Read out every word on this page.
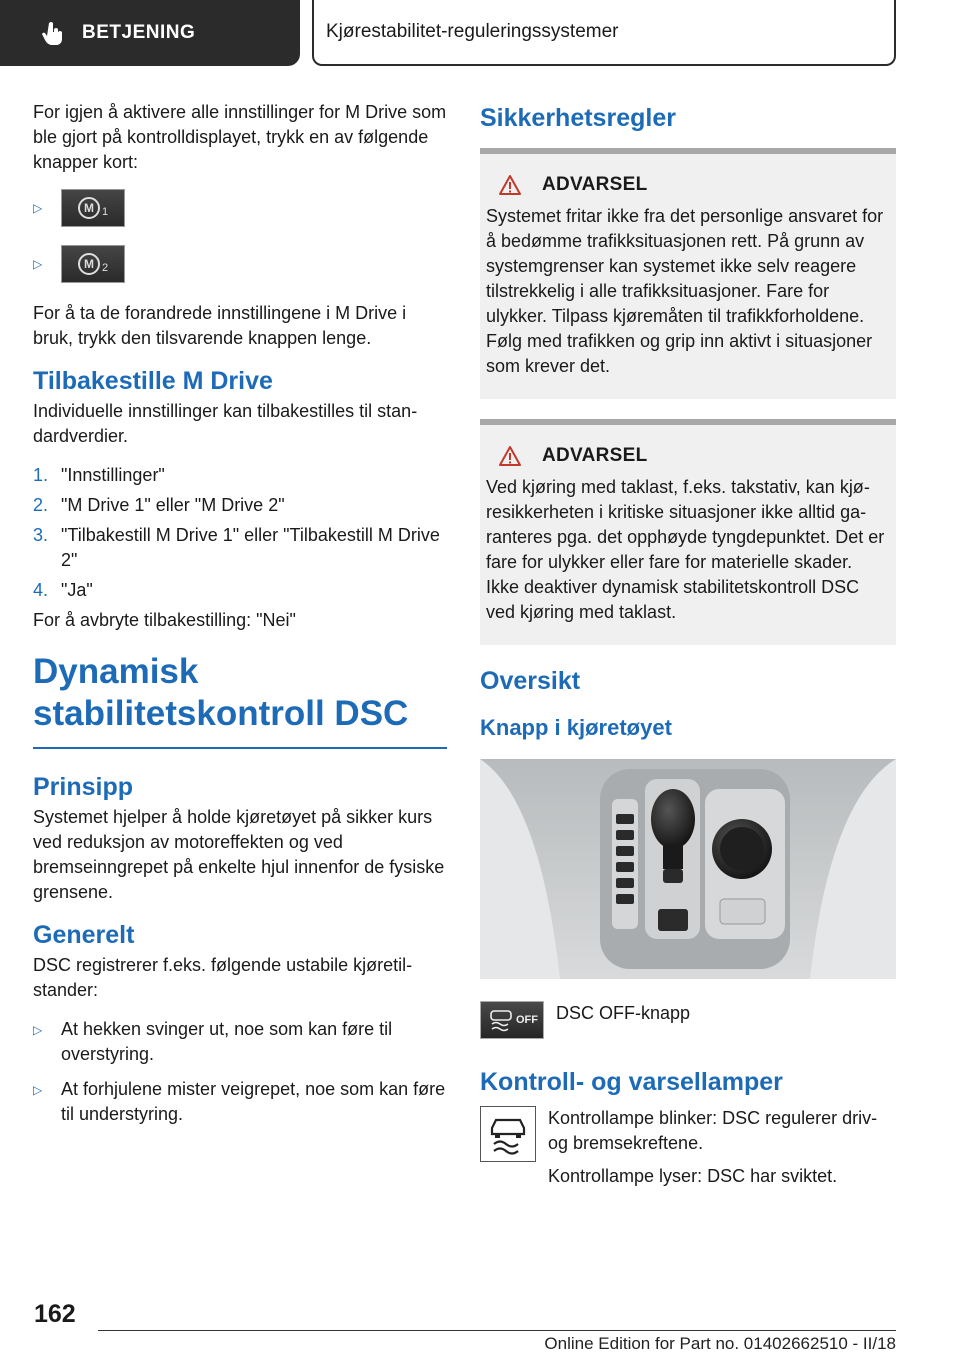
BETJENING	Kjørestabilitet-reguleringssystemer

For igjen å aktivere alle innstillinger for M Drive som ble gjort på kontrolldisplayet, trykk en av følgende knapper kort:

▷	M 1
▷	M 2

For å ta de forandrede innstillingene i M Drive i bruk, trykk den tilsvarende knappen lenge.

Tilbakestille M Drive

Individuelle innstillinger kan tilbakestilles til standardverdier.

1. "Innstillinger"
2. "M Drive 1" eller "M Drive 2"
3. "Tilbakestill M Drive 1" eller "Tilbakestill M Drive 2"
4. "Ja"

For å avbryte tilbakestilling: "Nei"

Dynamisk stabilitetskontroll DSC
Prinsipp

Systemet hjelper å holde kjøretøyet på sikker kurs ved reduksjon av motoreffekten og ved bremseinngrepet på enkelte hjul innenfor de fysiske grensene.

Generelt

DSC registrerer f.eks. følgende ustabile kjøretilstander:

▷	At hekken svinger ut, noe som kan føre til overstyring.
▷	At forhjulene mister veigrepet, noe som kan føre til understyring.
Sikkerhetsregler
ADVARSEL

Systemet fritar ikke fra det personlige ansvaret for å bedømme trafikksituasjonen rett. På grunn av systemgrenser kan systemet ikke selv reagere tilstrekkelig i alle trafikksituasjoner. Fare for ulykker. Tilpass kjøremåten til trafikkforholdene. Følg med trafikken og grip inn aktivt i situasjoner som krever det.

ADVARSEL

Ved kjøring med taklast, f.eks. takstativ, kan kjøresikkerheten i kritiske situasjoner ikke alltid garanteres pga. det opphøyde tyngdepunktet. Det er fare for ulykker eller fare for materielle skader. Ikke deaktiver dynamisk stabilitetskontroll DSC ved kjøring med taklast.

Oversikt
Knapp i kjøretøyet
OFF DSC OFF-knapp

Kontroll- og varsellamper

Kontrollampe blinker: DSC regulerer driv- og bremsekreftene.

Kontrollampe lyser: DSC har sviktet.

162
Online Edition for Part no. 01402662510 - II/18
